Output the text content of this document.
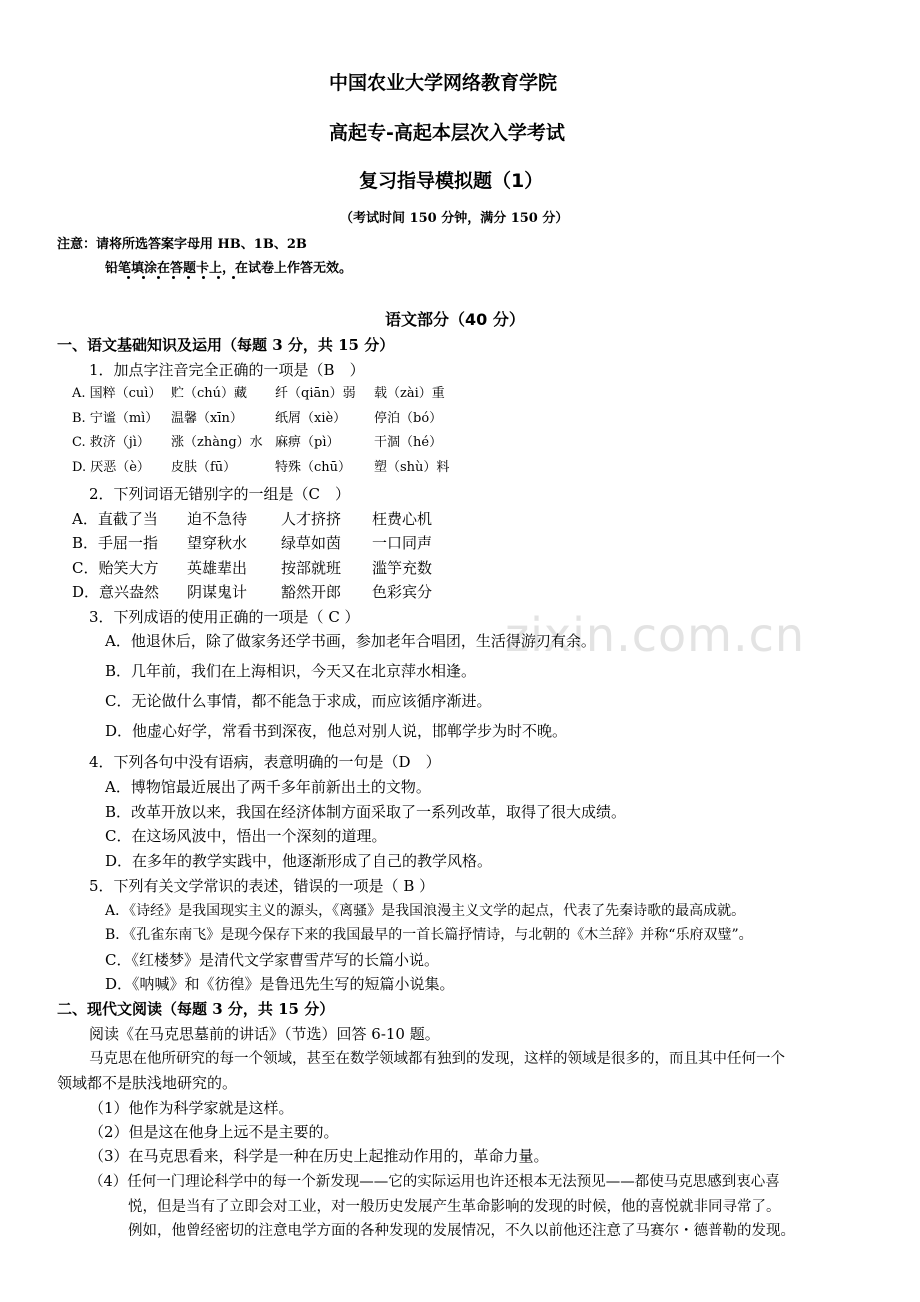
zixin.com.cn
中国农业大学网络教育学院
高起专-高起本层次入学考试
复习指导模拟题（1）
（考试时间 150 分钟，满分 150 分）
注意：请将所选答案字母用 HB、1B、2B
铅笔填涂在答题卡上，在试卷上作答无效。
语文部分（40 分）
一、语文基础知识及运用（每题 3 分，共 15 分）
1．加点字注音完全正确的一项是（B　）
A. 国粹（cuì） 贮（chú）藏 纤（qiān）弱 载（zài）重
B. 宁谧（mì） 温馨（xīn） 纸屑（xiè） 停泊（bó）
C. 救济（jì） 涨（zhàng）水 麻痹（pì）	干涸（hé）
D. 厌恶（è） 皮肤（fū）	特殊（chū） 塑（shù）料
2．下列词语无错别字的一组是（C　）
A．直截了当 迫不急待 人才挤挤 枉费心机
B．手屈一指 望穿秋水 绿草如茵 一口同声
C．贻笑大方 英雄辈出 按部就班 滥竽充数
D．意兴盎然 阴谋鬼计 豁然开郎 色彩宾分
3．下列成语的使用正确的一项是（ C ）
A．他退休后，除了做家务还学书画，参加老年合唱团，生活得游刃有余。
B．几年前，我们在上海相识，今天又在北京萍水相逢。
C．无论做什么事情，都不能急于求成，而应该循序渐进。
D．他虚心好学，常看书到深夜，他总对别人说，邯郸学步为时不晚。
4．下列各句中没有语病，表意明确的一句是（D　）
A．博物馆最近展出了两千多年前新出土的文物。
B．改革开放以来，我国在经济体制方面采取了一系列改革，取得了很大成绩。
C．在这场风波中，悟出一个深刻的道理。
D．在多年的教学实践中，他逐渐形成了自己的教学风格。
5．下列有关文学常识的表述，错误的一项是（ B ）
A．《诗经》是我国现实主义的源头，《离骚》是我国浪漫主义文学的起点，代表了先秦诗歌的最高成就。
B．《孔雀东南飞》是现今保存下来的我国最早的一首长篇抒情诗，与北朝的《木兰辞》并称“乐府双璧”。
C．《红楼梦》是清代文学家曹雪芹写的长篇小说。
D．《呐喊》和《彷徨》是鲁迅先生写的短篇小说集。
二、现代文阅读（每题 3 分，共 15 分）
阅读《在马克思墓前的讲话》（节选）回答 6-10 题。
马克思在他所研究的每一个领域，甚至在数学领域都有独到的发现，这样的领域是很多的，而且其中任何一个
领域都不是肤浅地研究的。
（1）他作为科学家就是这样。
（2）但是这在他身上远不是主要的。
（3）在马克思看来，科学是一种在历史上起推动作用的，革命力量。
（4）任何一门理论科学中的每一个新发现——它的实际运用也许还根本无法预见——都使马克思感到衷心喜
悦，但是当有了立即会对工业，对一般历史发展产生革命影响的发现的时候，他的喜悦就非同寻常了。
例如，他曾经密切的注意电学方面的各种发现的发展情况，不久以前他还注意了马赛尔・德普勒的发现。
